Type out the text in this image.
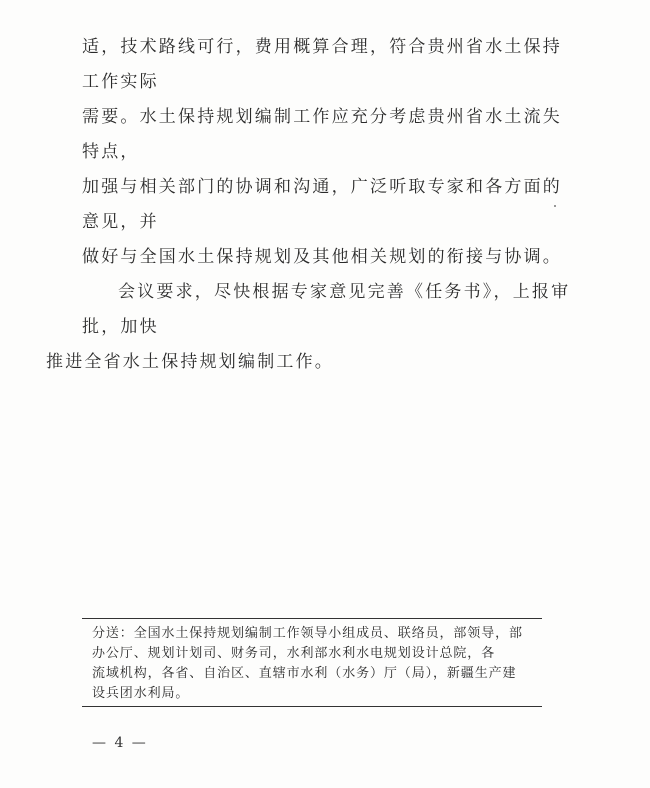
适，技术路线可行，费用概算合理，符合贵州省水土保持工作实际
需要。水土保持规划编制工作应充分考虑贵州省水土流失特点，
加强与相关部门的协调和沟通，广泛听取专家和各方面的意见，并
做好与全国水土保持规划及其他相关规划的衔接与协调。

会议要求，尽快根据专家意见完善《任务书》，上报审批，加快
推进全省水土保持规划编制工作。

分送：全国水土保持规划编制工作领导小组成员、联络员，部领导，部
办公厅、规划计划司、财务司，水利部水利水电规划设计总院，各
流域机构，各省、自治区、直辖市水利（水务）厅（局），新疆生产建
设兵团水利局。
— 4 —
